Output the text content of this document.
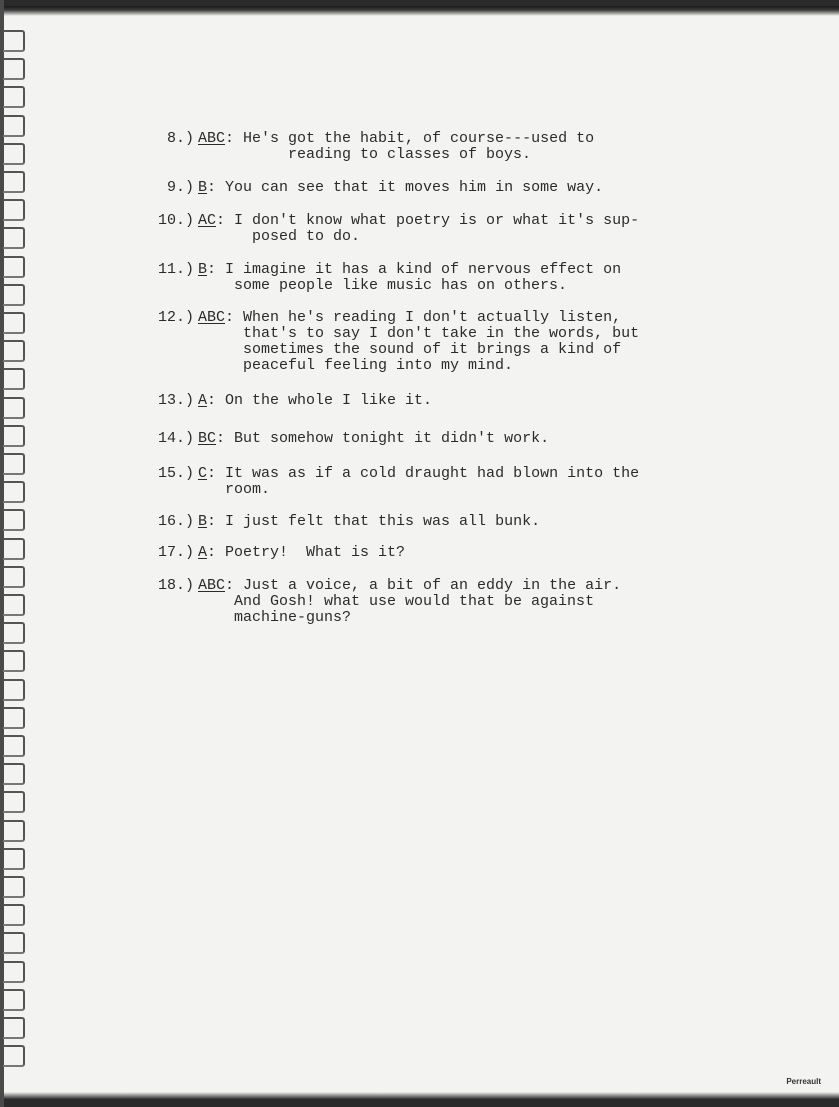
8.) ABC: He's got the habit, of course---used to
reading to classes of boys.
9.) B: You can see that it moves him in some way.
10.) AC: I don't know what poetry is or what it's sup-
posed to do.
11.) B: I imagine it has a kind of nervous effect on
some people like music has on others.
12.) ABC: When he's reading I don't actually listen,
that's to say I don't take in the words, but
sometimes the sound of it brings a kind of
peaceful feeling into my mind.
13.) A: On the whole I like it.
14.) BC: But somehow tonight it didn't work.
15.) C: It was as if a cold draught had blown into the
room.
16.) B: I just felt that this was all bunk.
17.) A: Poetry!  What is it?
18.) ABC: Just a voice, a bit of an eddy in the air.
And Gosh! what use would that be against
machine-guns?
Perreault
